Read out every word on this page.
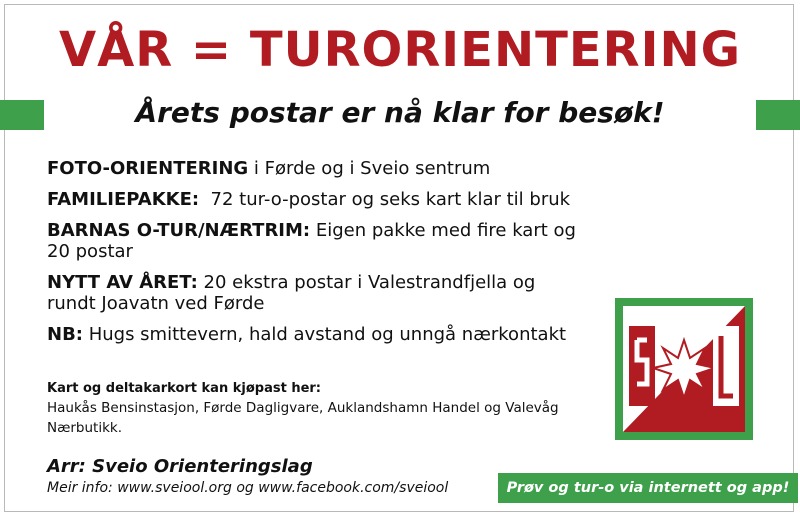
VÅR = TURORIENTERING
Årets postar er nå klar for besøk!
FOTO-ORIENTERING i Førde og i Sveio sentrum
FAMILIEPAKKE:  72 tur-o-postar og seks kart klar til bruk
BARNAS O-TUR/NÆRTRIM: Eigen pakke med fire kart og 20 postar
NYTT AV ÅRET: 20 ekstra postar i Valestrandfjella og rundt Joavatn ved Førde
NB: Hugs smittevern, hald avstand og unngå nærkontakt
Kart og deltakarkort kan kjøpast her:
Haukås Bensinstasjon, Førde Dagligvare, Auklandshamn Handel og Valevåg Nærbutikk.
Arr: Sveio Orienteringslag
Meir info: www.sveiool.org og www.facebook.com/sveiool	Prøv og tur-o via internett og app!
